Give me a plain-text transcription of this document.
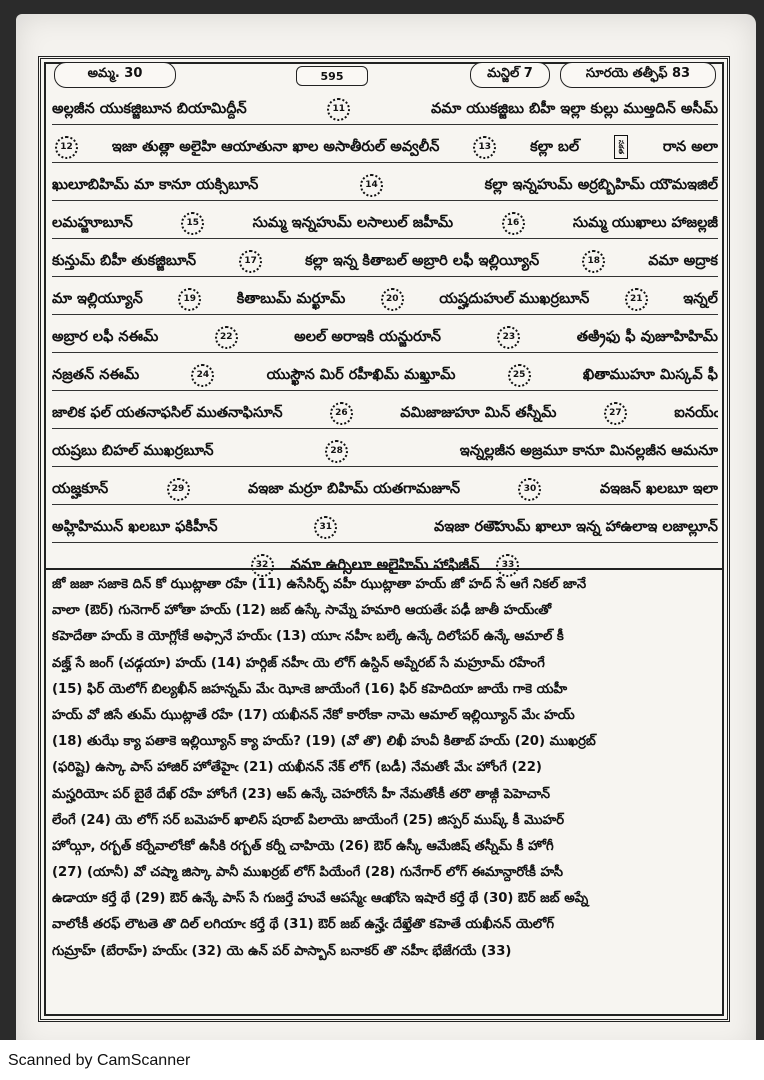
Scanned by CamScanner
అమ్మ. 30	595	మన్జిల్ 7	సూరయె తత్ఫీఫ్ 83
అల్లజీన యుకజ్జిబూన బియామిద్దీన్	11	వమా యుకజ్జిబు బిహీ ఇల్లా కుల్లు ముఅ్తదిన్ అసీమ్
12	ఇజా తుత్లా అలైహి ఆయాతునా ఖాల అసాతీరుల్ అవ్వలీన్	13	కల్లా బల్	సకత	రాన అలా
ఖులూబిహిమ్ మా కానూ యక్సిబూన్	14	కల్లా ఇన్నహుమ్ అర్రబ్బిహిమ్ యౌమఇజిల్
లమహ్జూబూన్	15	సుమ్మ ఇన్నహుమ్ లసాలుల్ జహీమ్	16	సుమ్మ యుఖాలు హాజల్లజీ
కున్తుమ్ బిహీ తుకజ్జిబూన్	17	కల్లా ఇన్న కితాబల్ అబ్రారి లఫీ ఇల్లియ్యీన్	18	వమా అద్రాక
మా ఇల్లియ్యూన్	19	కితాబుమ్ మర్ఖూమ్	20	యష్హదుహుల్ ముఖర్రబూన్	21	ఇన్నల్
అబ్రార లఫీ నఈమ్	22	అలల్ అరాఇకి యన్జురూన్	23	తఅ్రిఫు ఫీ వుజూహిహిమ్
నజ్రతన్ నఈమ్	24	యుస్ఖౌన మిర్ రహీఖిమ్ మఖ్తూమ్	25	ఖితాముహూ మిస్కవ్ ఫీ
జాలిక ఫల్ యతనాఫసిల్ ముతనాఫిసూన్	26	వమిజాజుహూ మిన్ తస్నీమ్	27	ఐనయ్ఁ
యష్రబు బిహల్ ముఖర్రబూన్	28	ఇన్నల్లజీన అజ్రమూ కానూ మినల్లజీన ఆమనూ
యజ్హకూన్	29	వఇజా మర్రూ బిహిమ్ యతగామజూన్	30	వఇజన్ ఖలబూ ఇలా
అహ్లిహిమున్ ఖలబూ ఫకిహీన్	31	వఇజా రఅౌహుమ్ ఖాలూ ఇన్న హాఉలాఇ లజాల్లూన్
32	వమా ఉర్సిలూ అలైహిమ్ హాఫిజీన్	33
జో జజా సజాకె దిన్ కో ఝుట్లాతా రహే (11) ఉసేసిర్ఫ్ వహీ ఝుట్లాతా హయ్ జో హద్ సే ఆగే నికల్ జానే
వాలా (ఔర్) గునెగార్ హోతా హయ్ (12) జబ్ ఉస్కే సామ్నే హమారి ఆయతేఁ పఢీ జాతీ హయ్ఁతో
కహెదేతా హయ్ కె యోగ్లోఁకే అఫ్సానే హయ్ఁ (13) యూఁ నహీఁ బల్కే ఉన్కే దిలోఁపర్ ఉన్కే ఆమాల్ కీ
వజ్హ్ సే జంగ్ (చఢ్గయా) హయ్ (14) హర్గిజ్ నహీఁ యె లోగ్ ఉస్దిన్ అప్నేరబ్ సే మహ్రూమ్ రహేంగే
(15) ఫిర్ యెలోగ్ బిల్యఖీన్ జహన్నమ్ మేఁ ఝోఁకె జాయేంగే (16) ఫిర్ కహెదియా జాయే గాకె యహీ
హయ్ వో జిసే తుమ్ ఝుట్లాతే రహే (17) యఖీనన్ నేకో కారోఁకా నామె ఆమాల్ ఇల్లియ్యీన్ మేఁ హయ్
(18) తుఝే క్యా పతాకె ఇల్లియ్యీన్ క్యా హయ్? (19) (వో తొ) లిఖీ హువీ కితాబ్ హయ్ (20) ముఖర్రబ్
(ఫరిష్టె) ఉస్కా పాస్ హాజిర్ హోతేహైఁ (21) యఖీనన్ నేక్ లోగ్ (బడీ) నేమతోఁ మేఁ హోంగే (22)
మస్హరియోఁ పర్ బైఠే దేఖ్ రహే హోంగే (23) ఆప్ ఉన్కే చెహరోఁసే హీ నేమతోఁకీ తరొ తాజ్గీ పెహెచాన్
లేంగే (24) యె లోగ్ సర్ బమెహర్ ఖాలిస్ షరాబ్ పిలాయె జాయేంగే (25) జిస్పర్ ముష్క్ కీ మొహర్
హోయ్గీ, రగ్బత్ కర్నేవాలోఁకో ఉసీకి రగ్బత్ కర్నీ చాహియె (26) ఔర్ ఉస్కీ ఆమేజిష్ తస్నీమ్ కీ హోగీ
(27) (యానీ) వో చష్మా జిస్కా పానీ ముఖర్రబ్ లోగ్ పియేంగే (28) గునేగార్ లోగ్ ఈమాన్దారోఁకీ హసీ
ఉడాయా కర్తే థే (29) ఔర్ ఉన్కే పాస్ సే గుజర్తే హువే ఆపస్మేఁ ఆఁఖోఁసె ఇషారే కర్తే థే (30) ఔర్ జబ్ అప్నే
వాలోఁకీ తరఫ్ లౌటతె తొ దిల్ లగియాఁ కర్తే థే (31) ఔర్ జబ్ ఉన్హేఁ దేఖ్తేతొ కహెతే యఖీనన్ యెలోగ్
గుమ్రాహ్ (బేరాహ్) హయ్ఁ (32) యె ఉన్ పర్ పాస్బాన్ బనాకర్ తొ నహీఁ భేజేగయే (33)
